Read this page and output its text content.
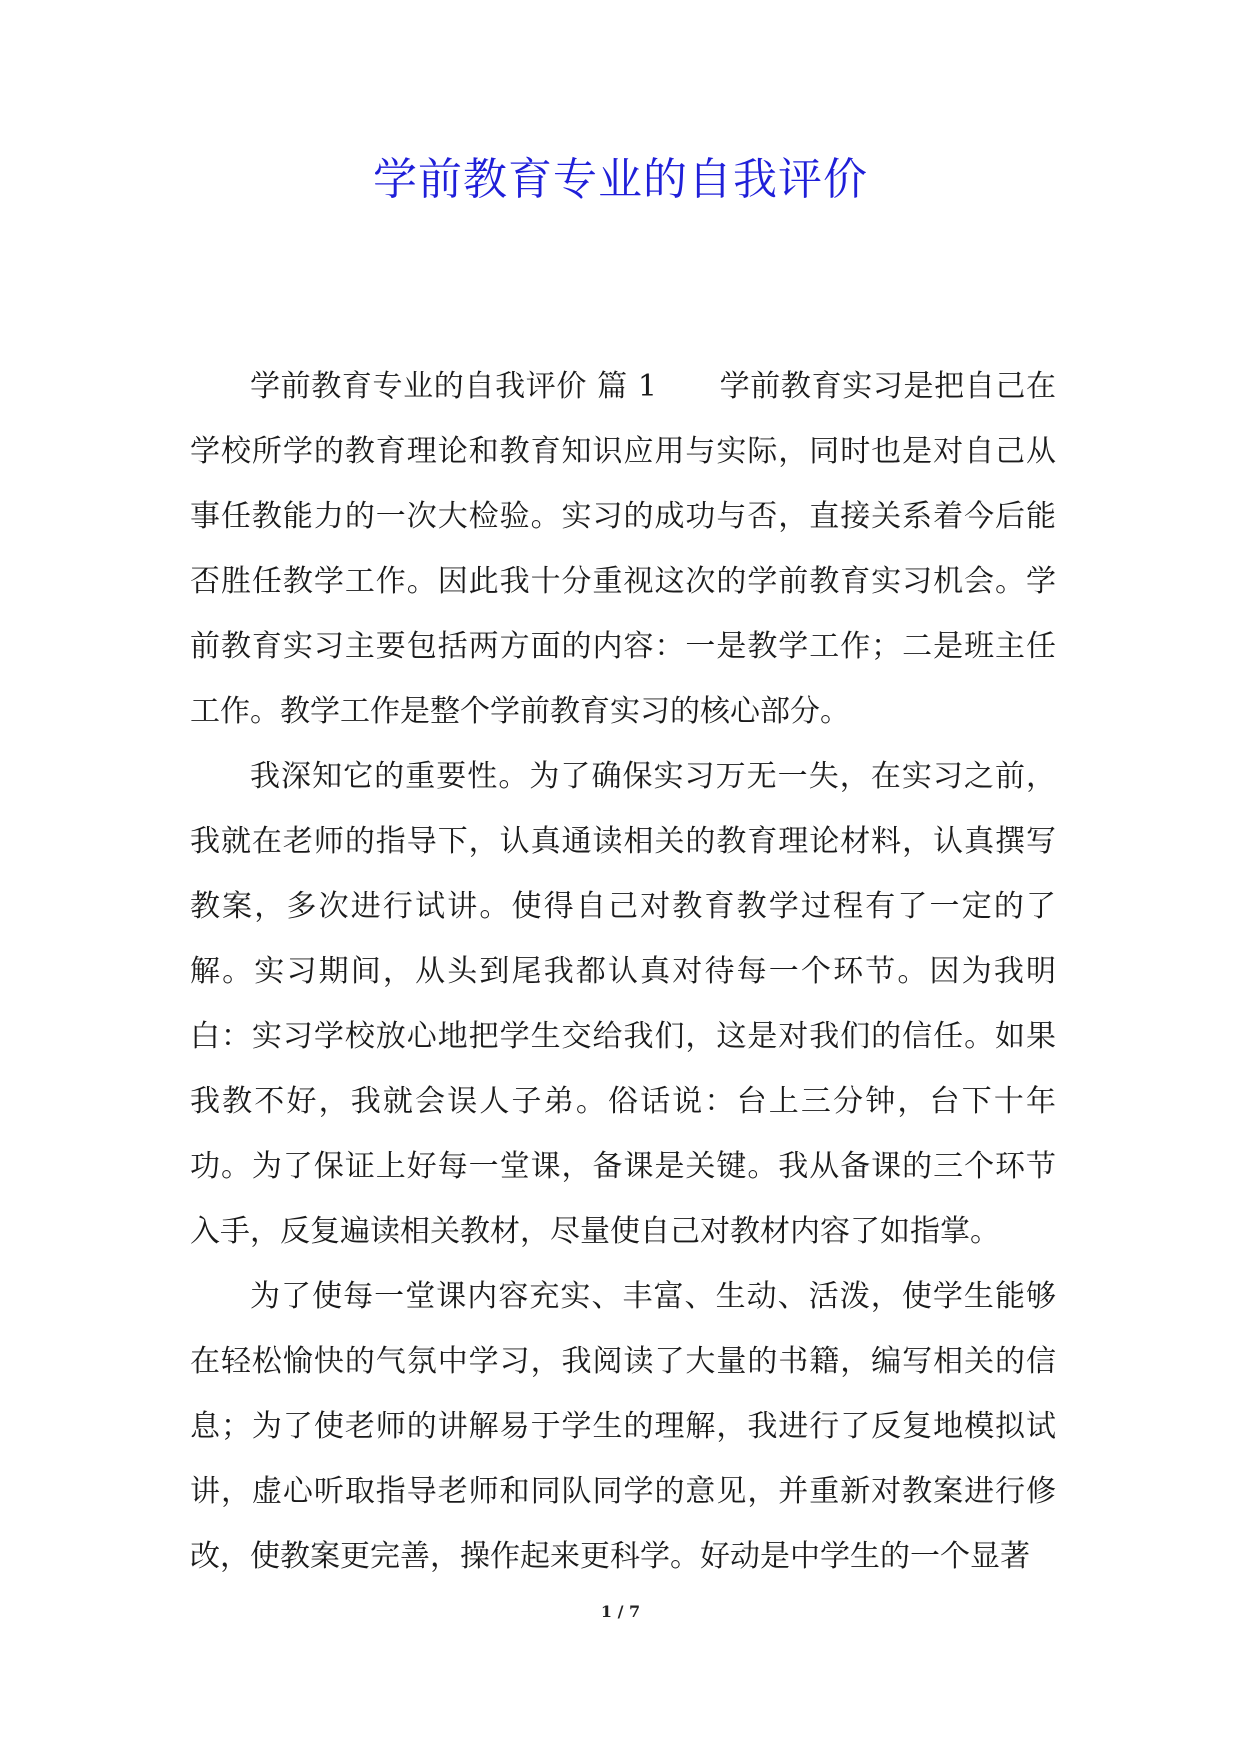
学前教育专业的自我评价

学前教育专业的自我评价 篇 1 学前教育实习是把自己在学校所学的教育理论和教育知识应用与实际，同时也是对自己从事任教能力的一次大检验。实习的成功与否，直接关系着今后能否胜任教学工作。因此我十分重视这次的学前教育实习机会。学前教育实习主要包括两方面的内容：一是教学工作；二是班主任工作。教学工作是整个学前教育实习的核心部分。

我深知它的重要性。为了确保实习万无一失，在实习之前，我就在老师的指导下，认真通读相关的教育理论材料，认真撰写教案，多次进行试讲。使得自己对教育教学过程有了一定的了解。实习期间，从头到尾我都认真对待每一个环节。因为我明白：实习学校放心地把学生交给我们，这是对我们的信任。如果我教不好，我就会误人子弟。俗话说：台上三分钟，台下十年功。为了保证上好每一堂课，备课是关键。我从备课的三个环节入手，反复遍读相关教材，尽量使自己对教材内容了如指掌。

为了使每一堂课内容充实、丰富、生动、活泼，使学生能够在轻松愉快的气氛中学习，我阅读了大量的书籍，编写相关的信息；为了使老师的讲解易于学生的理解，我进行了反复地模拟试讲，虚心听取指导老师和同队同学的意见，并重新对教案进行修改，使教案更完善，操作起来更科学。好动是中学生的一个显著

1 / 7
